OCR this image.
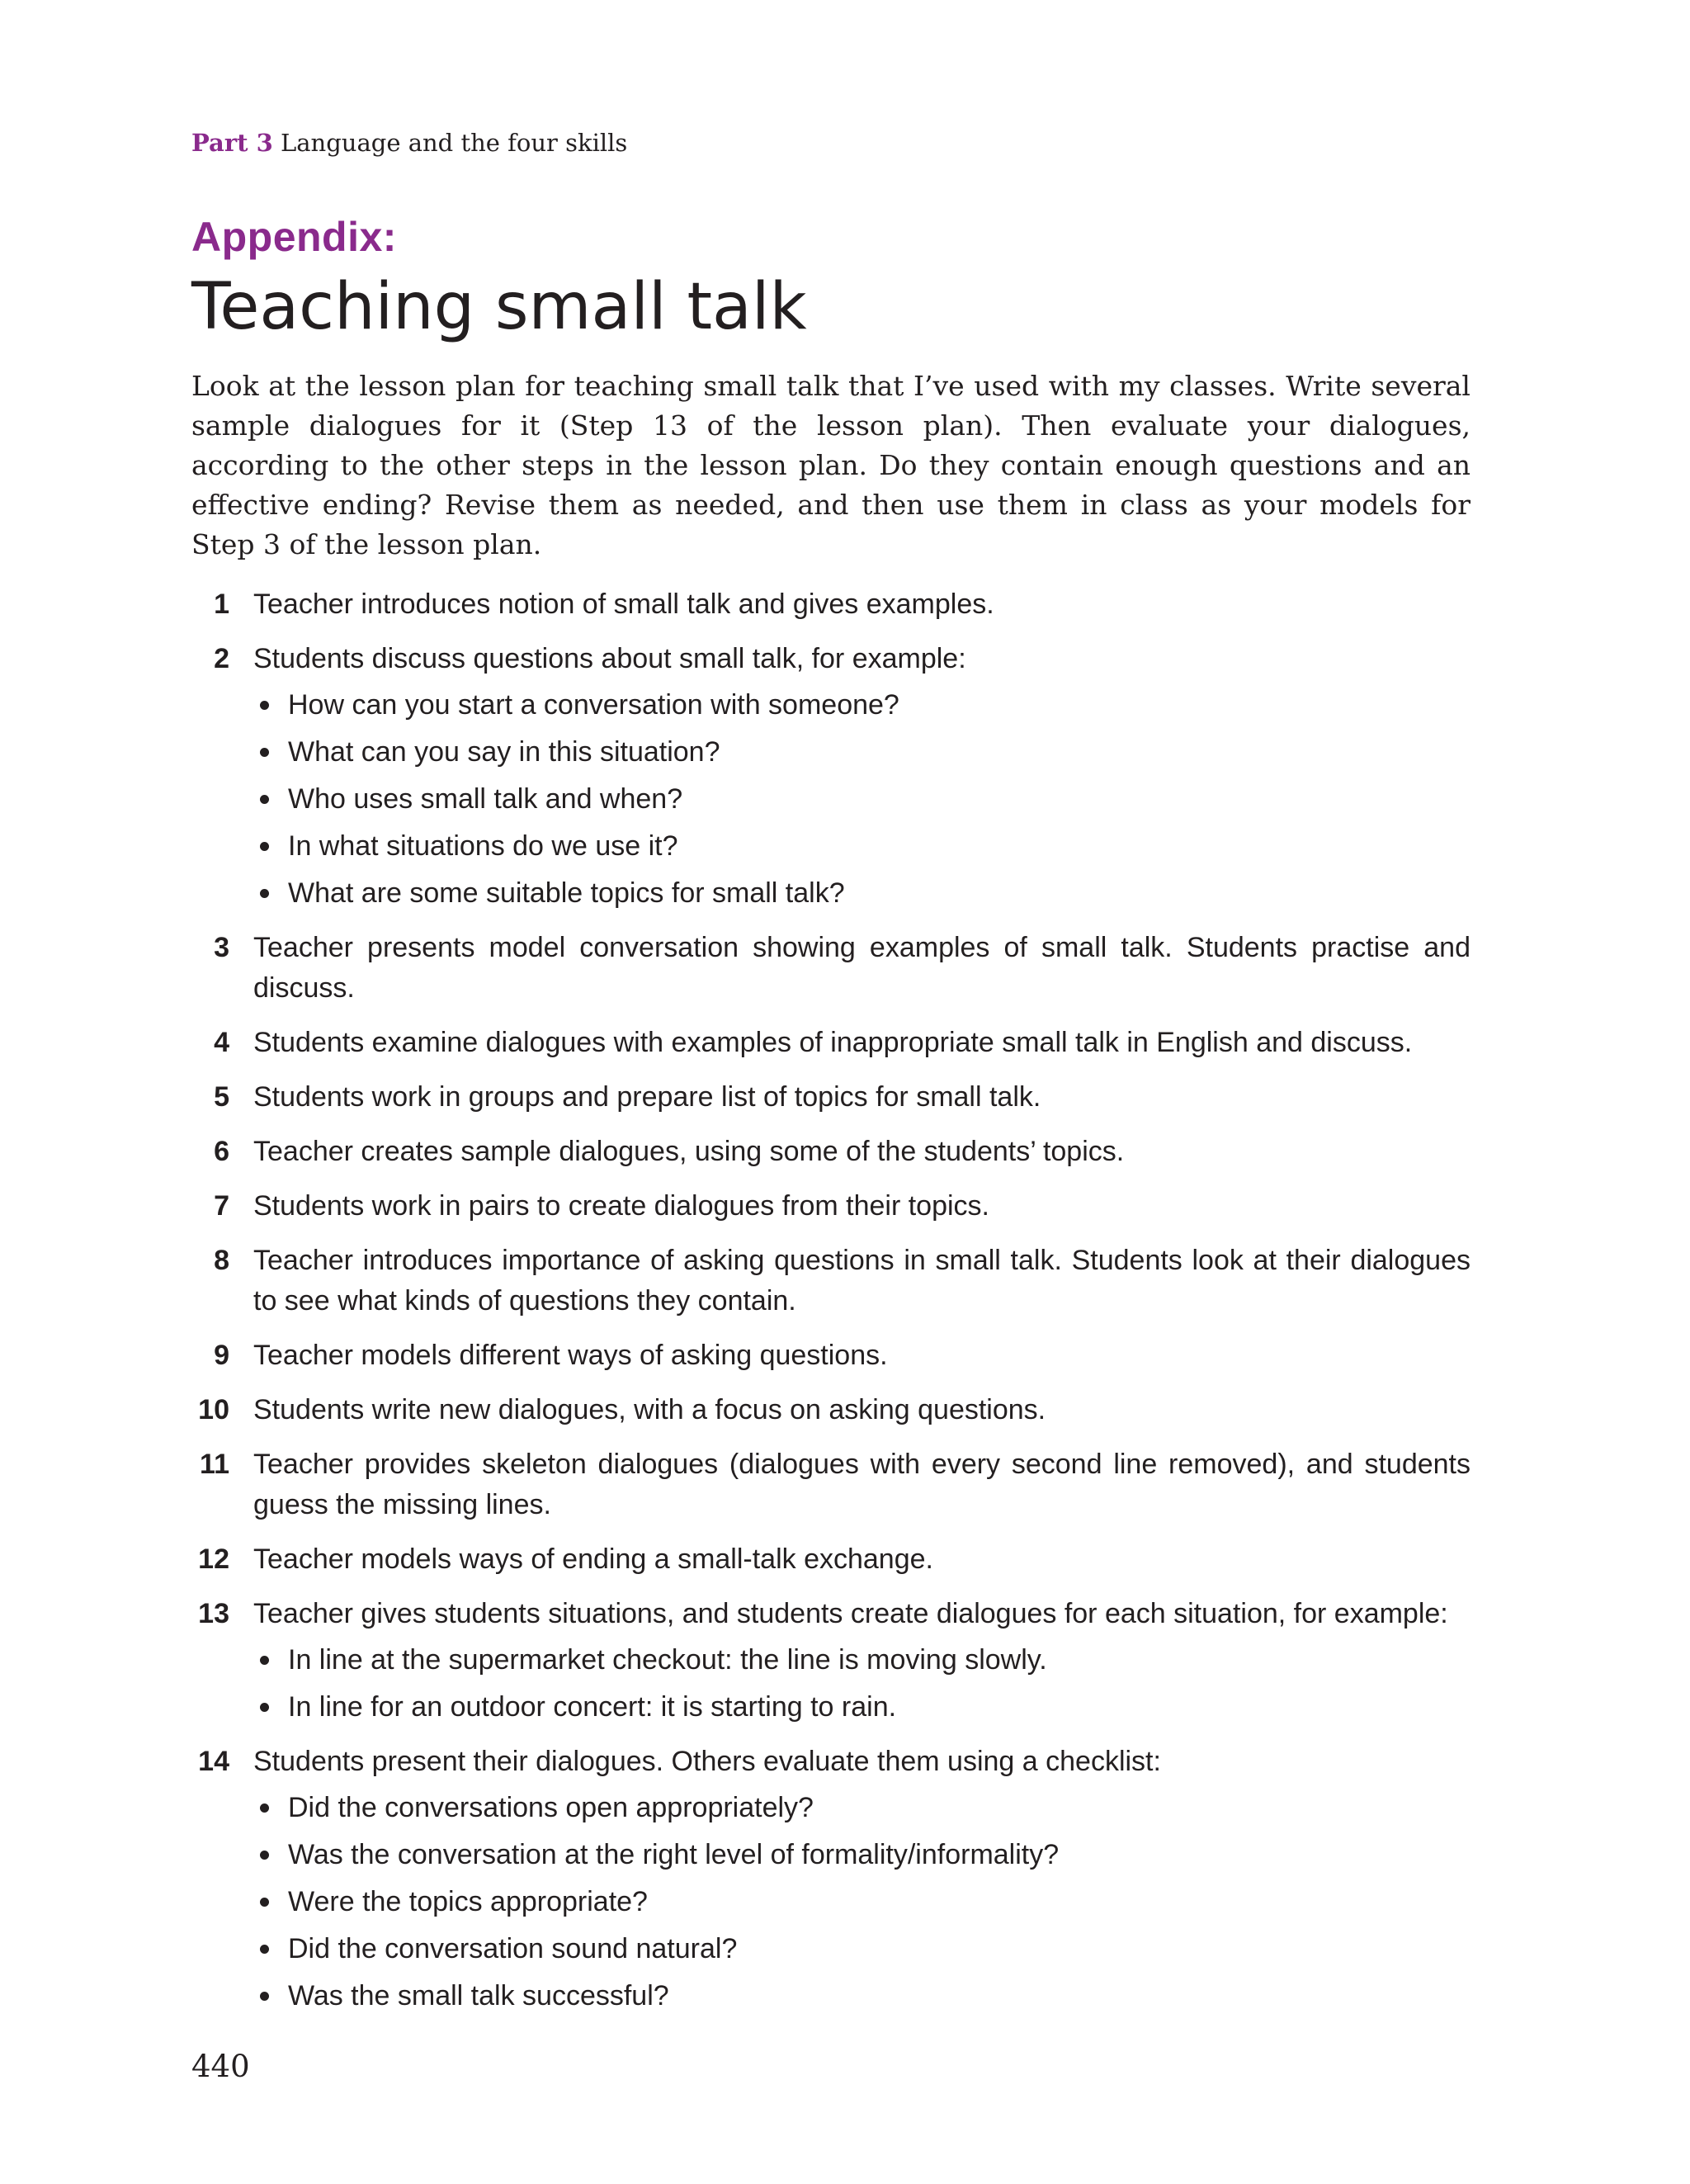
Part 3 Language and the four skills
Appendix:
Teaching small talk

Look at the lesson plan for teaching small talk that I’ve used with my classes. Write several sample dialogues for it (Step 13 of the lesson plan). Then evaluate your dialogues, according to the other steps in the lesson plan. Do they contain enough questions and an effective ending? Revise them as needed, and then use them in class as your models for Step 3 of the lesson plan.

1 Teacher introduces notion of small talk and gives examples.
2 Students discuss questions about small talk, for example:
How can you start a conversation with someone?
What can you say in this situation?
Who uses small talk and when?
In what situations do we use it?
What are some suitable topics for small talk?
3 Teacher presents model conversation showing examples of small talk. Students practise and discuss.
4 Students examine dialogues with examples of inappropriate small talk in English and discuss.
5 Students work in groups and prepare list of topics for small talk.
6 Teacher creates sample dialogues, using some of the students’ topics.
7 Students work in pairs to create dialogues from their topics.
8 Teacher introduces importance of asking questions in small talk. Students look at their dialogues to see what kinds of questions they contain.
9 Teacher models different ways of asking questions.
10 Students write new dialogues, with a focus on asking questions.
11 Teacher provides skeleton dialogues (dialogues with every second line removed), and students guess the missing lines.
12 Teacher models ways of ending a small-talk exchange.
13 Teacher gives students situations, and students create dialogues for each situation, for example:
In line at the supermarket checkout: the line is moving slowly.
In line for an outdoor concert: it is starting to rain.
14 Students present their dialogues. Others evaluate them using a checklist:
Did the conversations open appropriately?
Was the conversation at the right level of formality/informality?
Were the topics appropriate?
Did the conversation sound natural?
Was the small talk successful?
440
